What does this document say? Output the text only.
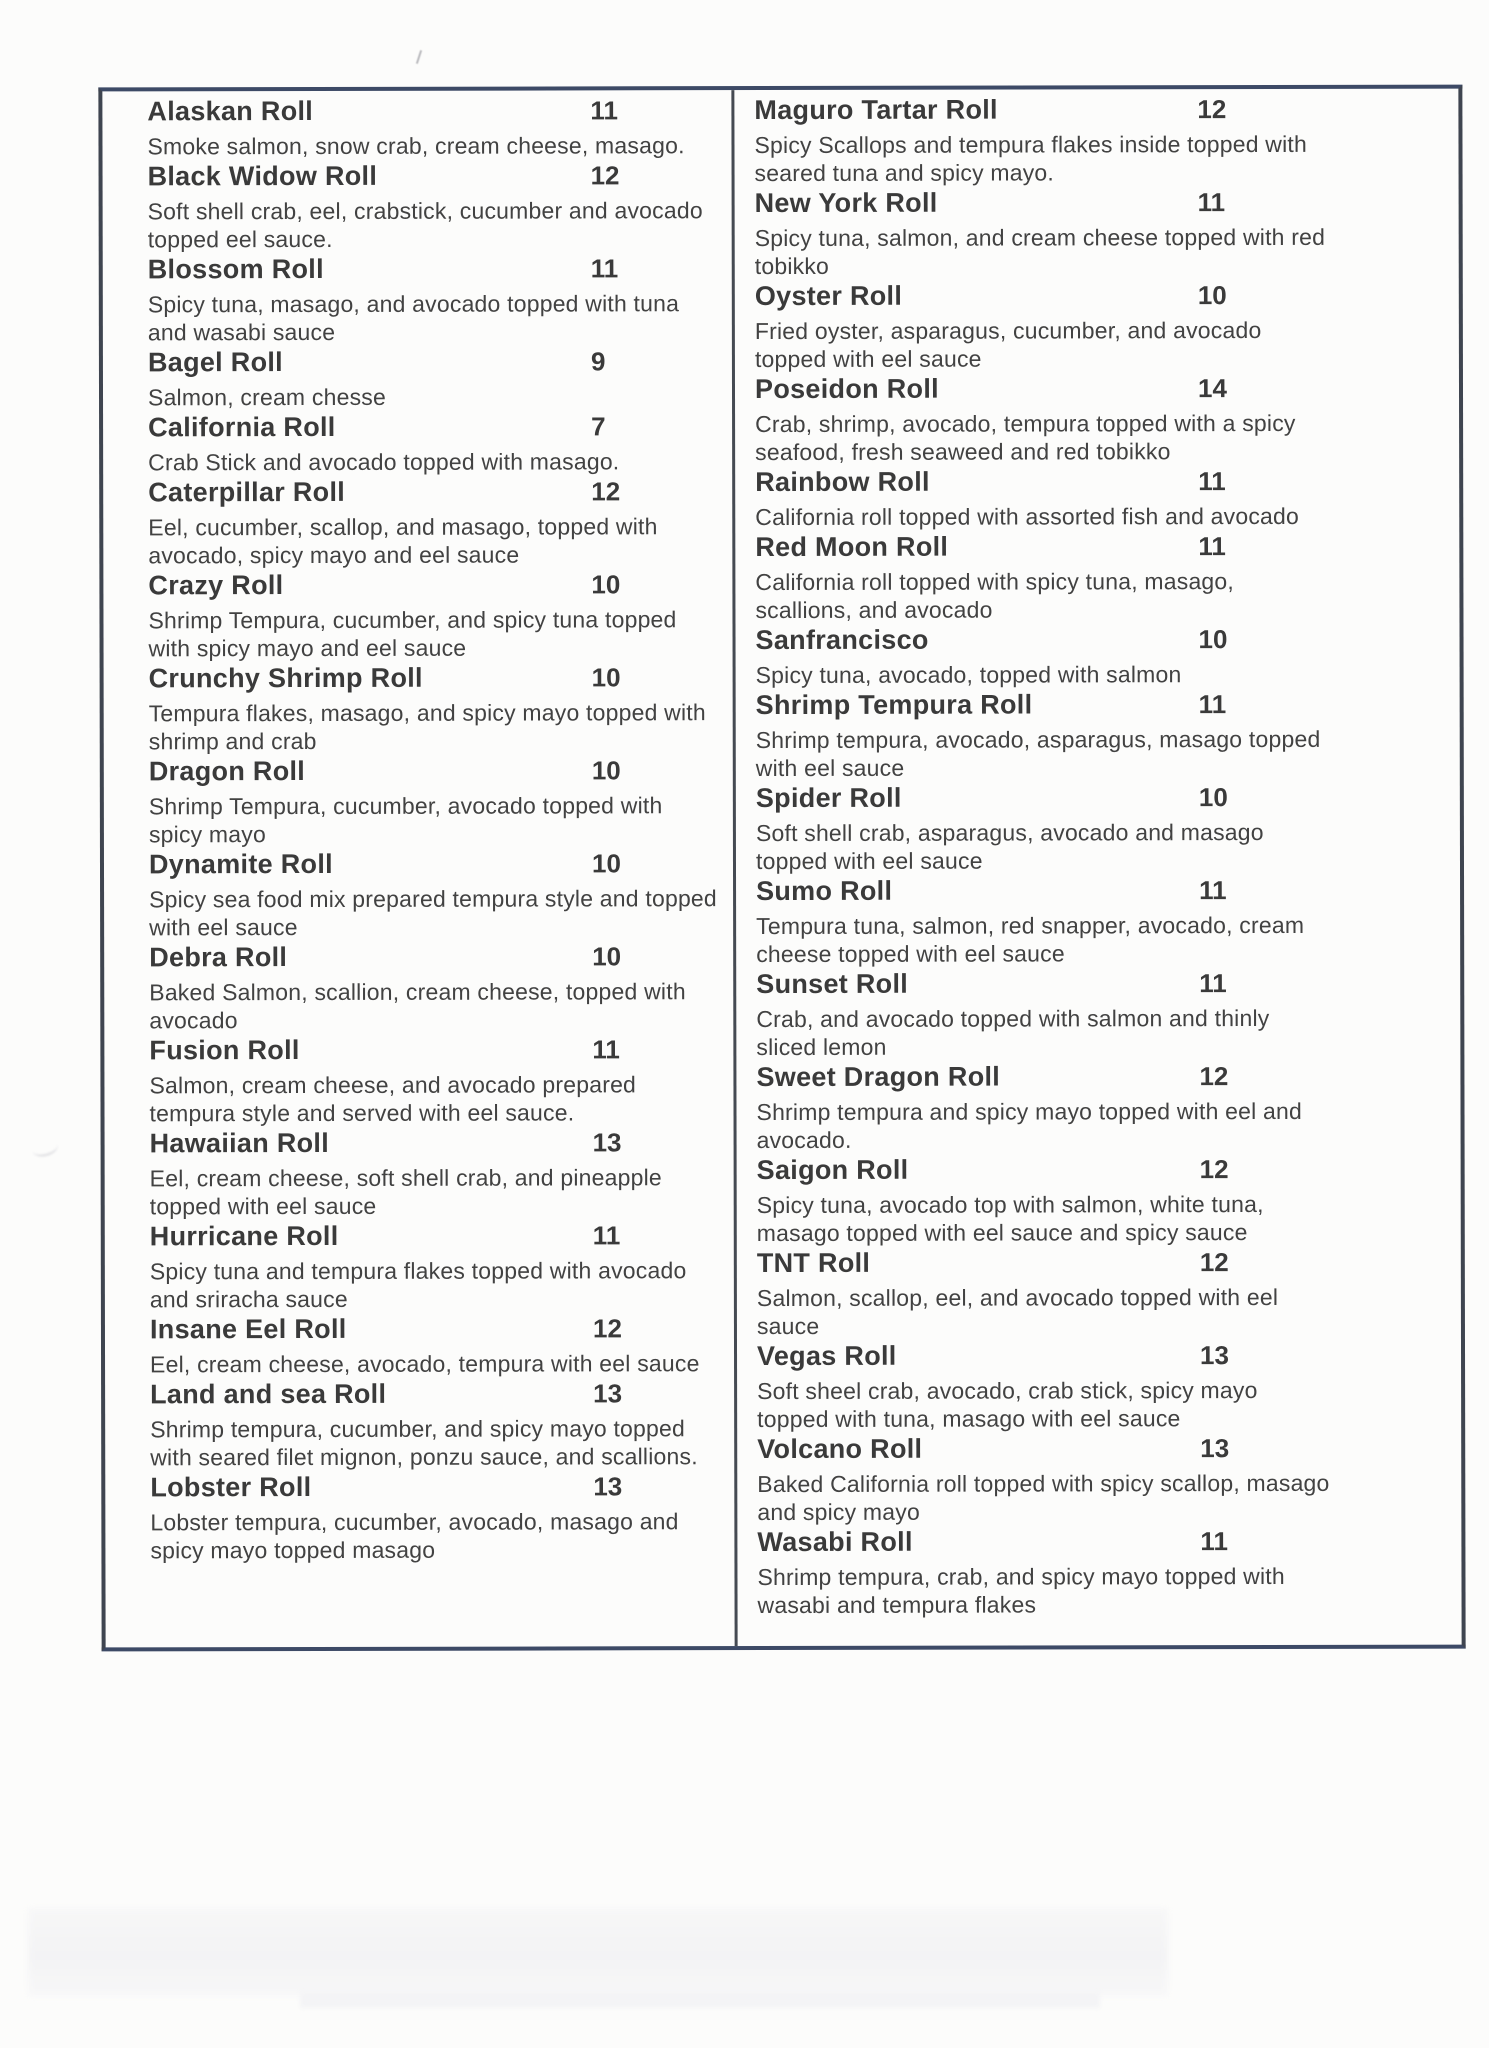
Alaskan Roll	11
Smoke salmon, snow crab, cream cheese, masago.
Black Widow Roll	12
Soft shell crab, eel, crabstick, cucumber and avocado topped eel sauce.
Blossom Roll	11
Spicy tuna, masago, and avocado topped with tuna and wasabi sauce
Bagel Roll	9
Salmon, cream chesse
California Roll	7
Crab Stick and avocado topped with masago.
Caterpillar Roll	12
Eel, cucumber, scallop, and masago, topped with avocado, spicy mayo and eel sauce
Crazy Roll	10
Shrimp Tempura, cucumber, and spicy tuna topped with spicy mayo and eel sauce
Crunchy Shrimp Roll	10
Tempura flakes, masago, and spicy mayo topped with shrimp and crab
Dragon Roll	10
Shrimp Tempura, cucumber, avocado topped with spicy mayo
Dynamite Roll	10
Spicy sea food mix prepared tempura style and topped with eel sauce
Debra Roll	10
Baked Salmon, scallion, cream cheese, topped with avocado
Fusion Roll	11
Salmon, cream cheese, and avocado prepared tempura style and served with eel sauce.
Hawaiian Roll	13
Eel, cream cheese, soft shell crab, and pineapple topped with eel sauce
Hurricane Roll	11
Spicy tuna and tempura flakes topped with avocado and sriracha sauce
Insane Eel Roll	12
Eel, cream cheese, avocado, tempura with eel sauce
Land and sea Roll	13
Shrimp tempura, cucumber, and spicy mayo topped with seared filet mignon, ponzu sauce, and scallions.
Lobster Roll	13
Lobster tempura, cucumber, avocado, masago and spicy mayo topped masago
Maguro Tartar Roll	12
Spicy Scallops and tempura flakes inside topped with seared tuna and spicy mayo.
New York Roll	11
Spicy tuna, salmon, and cream cheese topped with red tobikko
Oyster Roll	10
Fried oyster, asparagus, cucumber, and avocado topped with eel sauce
Poseidon Roll	14
Crab, shrimp, avocado, tempura topped with a spicy seafood, fresh seaweed and red tobikko
Rainbow Roll	11
California roll topped with assorted fish and avocado
Red Moon Roll	11
California roll topped with spicy tuna, masago, scallions, and avocado
Sanfrancisco	10
Spicy tuna, avocado, topped with salmon
Shrimp Tempura Roll	11
Shrimp tempura, avocado, asparagus, masago topped with eel sauce
Spider Roll	10
Soft shell crab, asparagus, avocado and masago topped with eel sauce
Sumo Roll	11
Tempura tuna, salmon, red snapper, avocado, cream cheese topped with eel sauce
Sunset Roll	11
Crab, and avocado topped with salmon and thinly sliced lemon
Sweet Dragon Roll	12
Shrimp tempura and spicy mayo topped with eel and avocado.
Saigon Roll	12
Spicy tuna, avocado top with salmon, white tuna, masago topped with eel sauce and spicy sauce
TNT Roll	12
Salmon, scallop, eel, and avocado topped with eel sauce
Vegas Roll	13
Soft sheel crab, avocado, crab stick, spicy mayo topped with tuna, masago with eel sauce
Volcano Roll	13
Baked California roll topped with spicy scallop, masago and spicy mayo
Wasabi Roll	11
Shrimp tempura, crab, and spicy mayo topped with wasabi and tempura flakes
